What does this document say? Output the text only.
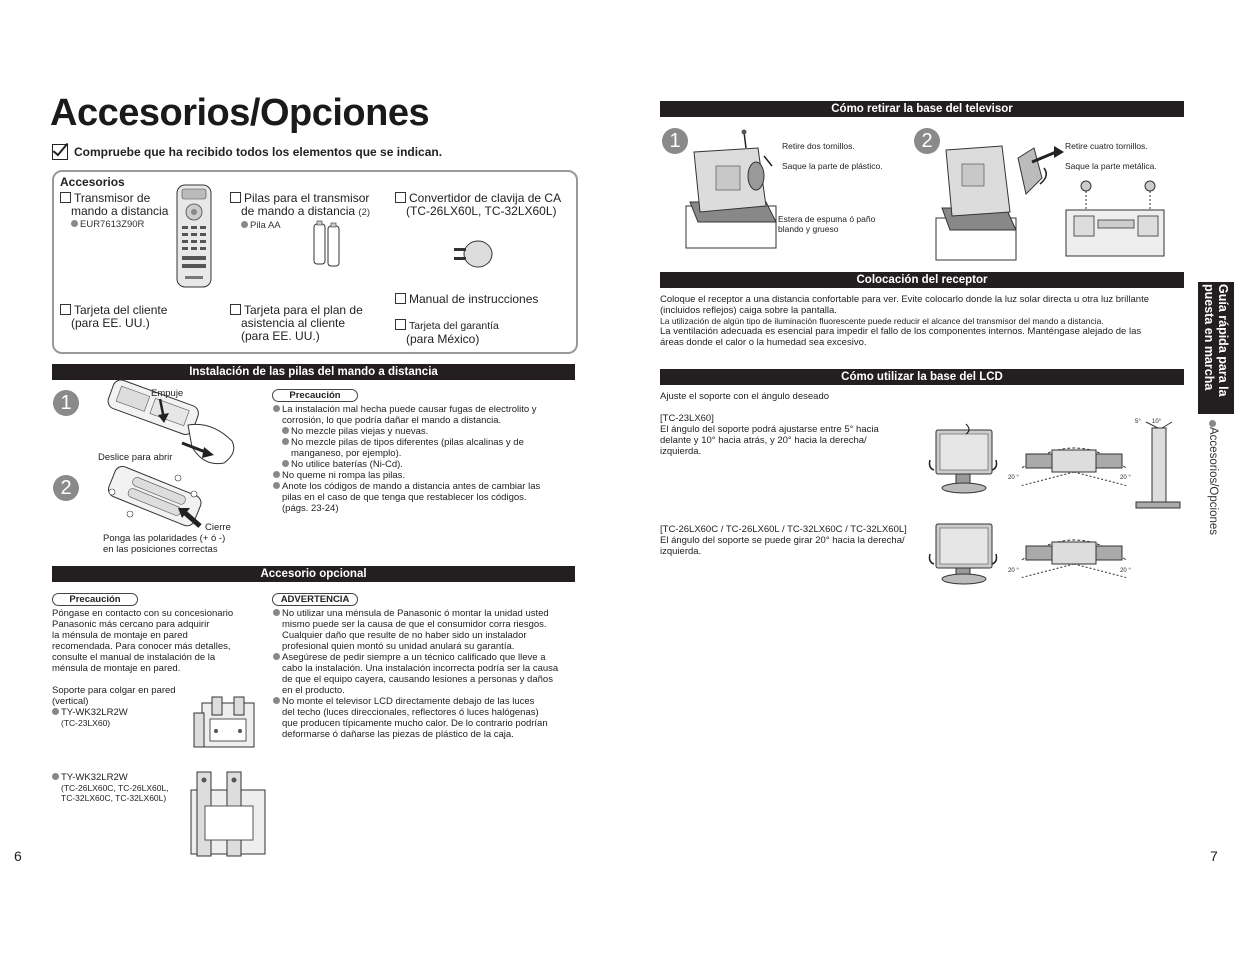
Accesorios/Opciones
Compruebe que ha recibido todos los elementos que se indican.
Accesorios
Transmisor de
mando a distancia
EUR7613Z90R
Pilas para el transmisor
de mando a distancia (2)
Pila AA
Convertidor de clavija de CA
(TC-26LX60L, TC-32LX60L)
Tarjeta del cliente
(para EE. UU.)
Tarjeta para el plan de
asistencia al cliente
(para EE. UU.)
Manual de instrucciones
Tarjeta del garantía
(para México)
Instalación de las pilas del mando a distancia
1
2
Empuje
Deslice para abrir
Cierre
Ponga las polaridades (+ ó -)
en las posiciones correctas
Precaución
La instalación mal hecha puede causar fugas de electrolito y
corrosión, lo que podría dañar el mando a distancia.
No mezcle pilas viejas y nuevas.
No mezcle pilas de tipos diferentes (pilas alcalinas y de
manganeso, por ejemplo).
No utilice baterías (Ni-Cd).
No queme ni rompa las pilas.
Anote los códigos de mando a distancia antes de cambiar las
pilas en el caso de que tenga que restablecer los códigos.
(págs. 23-24)
Accesorio opcional
Precaución
Póngase en contacto con su concesionario
Panasonic más cercano para adquirir
la ménsula de montaje en pared
recomendada. Para conocer más detalles,
consulte el manual de instalación de la
ménsula de montaje en pared.
Soporte para colgar en pared
(vertical)
TY-WK32LR2W
(TC-23LX60)
TY-WK32LR2W
(TC-26LX60C, TC-26LX60L,
TC-32LX60C, TC-32LX60L)
ADVERTENCIA
No utilizar una ménsula de Panasonic ó montar la unidad usted
mismo puede ser la causa de que el consumidor corra riesgos.
Cualquier daño que resulte de no haber sido un instalador
profesional quien montó su unidad anulará su garantía.
Asegúrese de pedir siempre a un técnico calificado que lleve a
cabo la instalación. Una instalación incorrecta podría ser la causa
de que el equipo cayera, causando lesiones a personas y daños
en el producto.
No monte el televisor LCD directamente debajo de las luces
del techo (luces direccionales, reflectores ó luces halógenas)
que producen típicamente mucho calor. De lo contrario podrían
deformarse ó dañarse las piezas de plástico de la caja.
6
Cómo retirar la base del televisor
1	Retire dos tornillos.
Saque la parte de plástico.
Estera de espuma ó paño
blando y grueso
2	Retire cuatro tornillos.
Saque la parte metálica.
Colocación del receptor
Coloque el receptor a una distancia confortable para ver. Evite colocarlo donde la luz solar directa u otra luz brillante
(incluidos reflejos) caiga sobre la pantalla.
La utilización de algún tipo de iluminación fluorescente puede reducir el alcance del transmisor del mando a distancia.
La ventilación adecuada es esencial para impedir el fallo de los componentes internos. Manténgase alejado de las
áreas donde el calor o la humedad sea excesivo.
Cómo utilizar la base del LCD
Ajuste el soporte con el ángulo deseado
[TC-23LX60]
El ángulo del soporte podrá ajustarse entre 5° hacia
delante y 10° hacia atrás, y 20° hacia la derecha/
izquierda.
20 °	20 °
5° 10°
[TC-26LX60C / TC-26LX60L / TC-32LX60C / TC-32LX60L]
El ángulo del soporte se puede girar 20° hacia la derecha/
izquierda.
20 °	20 °
Guía rápida para la
puesta en marcha
Accesorios/Opciones
7
